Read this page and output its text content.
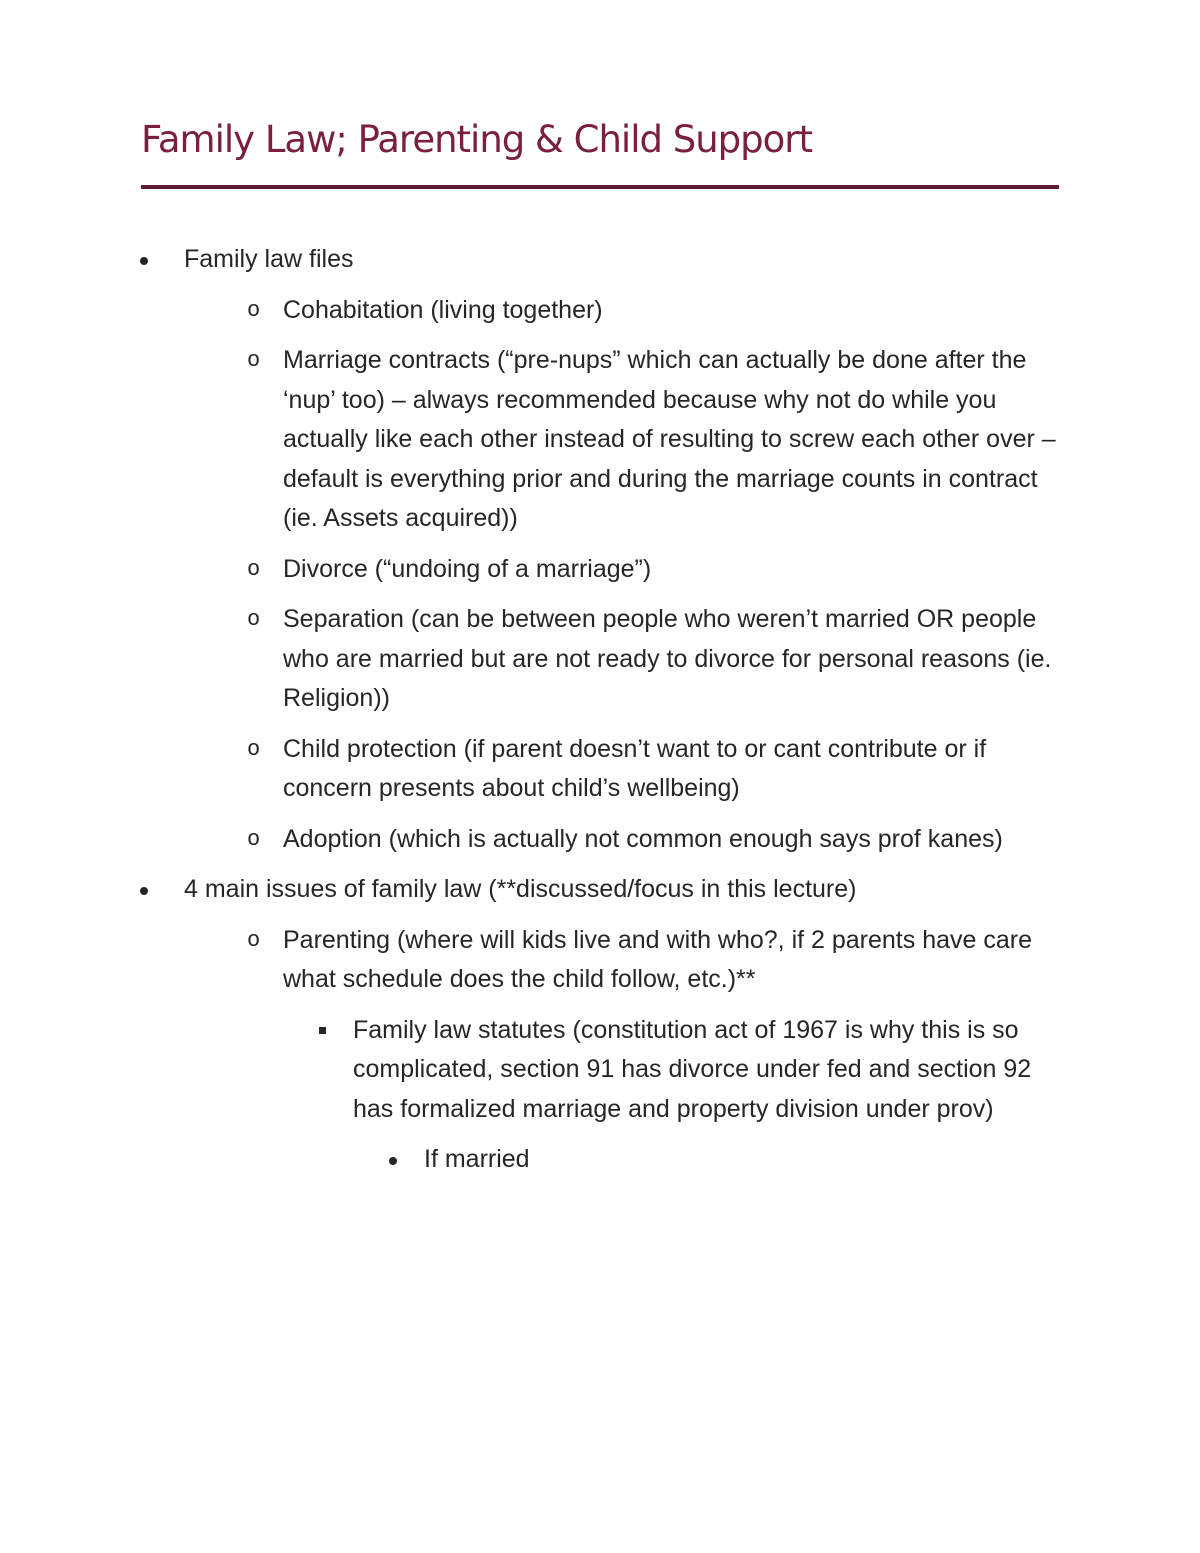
Family Law; Parenting & Child Support
Family law files
o Cohabitation (living together)
o Marriage contracts (“pre-nups” which can actually be done after the ‘nup’ too) – always recommended because why not do while you actually like each other instead of resulting to screw each other over – default is everything prior and during the marriage counts in contract (ie. Assets acquired))
o Divorce (“undoing of a marriage”)
o Separation (can be between people who weren’t married OR people who are married but are not ready to divorce for personal reasons (ie. Religion))
o Child protection (if parent doesn’t want to or cant contribute or if concern presents about child’s wellbeing)
o Adoption (which is actually not common enough says prof kanes)
4 main issues of family law (**discussed/focus in this lecture)
o Parenting (where will kids live and with who?, if 2 parents have care what schedule does the child follow, etc.)**
Family law statutes (constitution act of 1967 is why this is so complicated, section 91 has divorce under fed and section 92 has formalized marriage and property division under prov)
If married
